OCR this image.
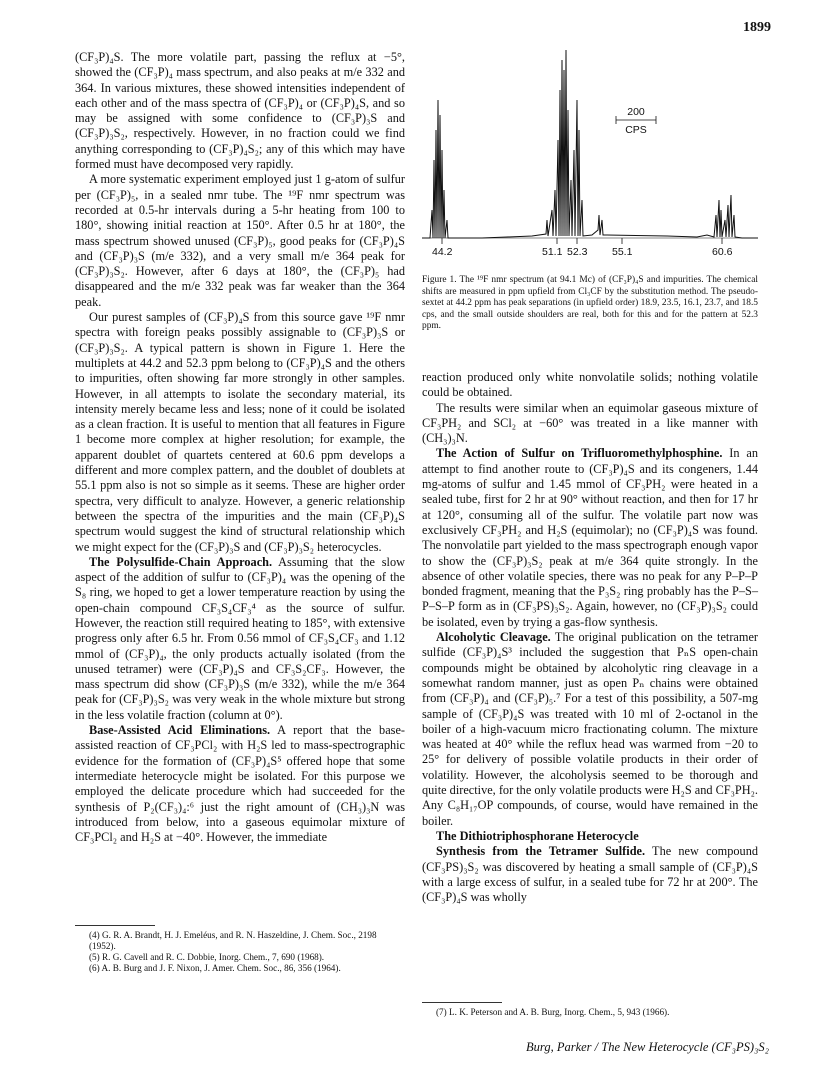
1899

(CF₃P)₄S. The more volatile part, passing the reflux at −5°, showed the (CF₃P)₄ mass spectrum, and also peaks at m/e 332 and 364. In various mixtures, these showed intensities independent of each other and of the mass spectra of (CF₃P)₄ or (CF₃P)₄S, and so may be assigned with some confidence to (CF₃P)₃S and (CF₃P)₃S₂, respectively. However, in no fraction could we find anything corresponding to (CF₃P)₄S₂; any of this which may have formed must have decomposed very rapidly.

A more systematic experiment employed just 1 g-atom of sulfur per (CF₃P)₅, in a sealed nmr tube. The ¹⁹F nmr spectrum was recorded at 0.5-hr intervals during a 5-hr heating from 100 to 180°, showing initial reaction at 150°. After 0.5 hr at 180°, the mass spectrum showed unused (CF₃P)₅, good peaks for (CF₃P)₄S and (CF₃P)₃S (m/e 332), and a very small m/e 364 peak for (CF₃P)₃S₂. However, after 6 days at 180°, the (CF₃P)₅ had disappeared and the m/e 332 peak was far weaker than the 364 peak.

Our purest samples of (CF₃P)₄S from this source gave ¹⁹F nmr spectra with foreign peaks possibly assignable to (CF₃P)₃S or (CF₃P)₃S₂. A typical pattern is shown in Figure 1. Here the multiplets at 44.2 and 52.3 ppm belong to (CF₃P)₄S and the others to impurities, often showing far more strongly in other samples. However, in all attempts to isolate the secondary material, its intensity merely became less and less; none of it could be isolated as a clean fraction. It is useful to mention that all features in Figure 1 become more complex at higher resolution; for example, the apparent doublet of quartets centered at 60.6 ppm develops a different and more complex pattern, and the doublet of doublets at 55.1 ppm also is not so simple as it seems. These are higher order spectra, very difficult to analyze. However, a generic relationship between the spectra of the impurities and the main (CF₃P)₄S spectrum would suggest the kind of structural relationship which we might expect for the (CF₃P)₃S and (CF₃P)₃S₂ heterocycles.

The Polysulfide-Chain Approach. Assuming that the slow aspect of the addition of sulfur to (CF₃P)₄ was the opening of the S₈ ring, we hoped to get a lower temperature reaction by using the open-chain compound CF₃S₄CF₃⁴ as the source of sulfur. However, the reaction still required heating to 185°, with extensive progress only after 6.5 hr. From 0.56 mmol of CF₃S₄CF₃ and 1.12 mmol of (CF₃P)₄, the only products actually isolated (from the unused tetramer) were (CF₃P)₄S and CF₃S₂CF₃. However, the mass spectrum did show (CF₃P)₃S (m/e 332), while the m/e 364 peak for (CF₃P)₃S₂ was very weak in the whole mixture but strong in the less volatile fraction (column at 0°).

Base-Assisted Acid Eliminations. A report that the base-assisted reaction of CF₃PCl₂ with H₂S led to mass-spectrographic evidence for the formation of (CF₃P)₄S⁵ offered hope that some intermediate heterocycle might be isolated. For this purpose we employed the delicate procedure which had succeeded for the synthesis of P₂(CF₃)₄:⁶ just the right amount of (CH₃)₃N was introduced from below, into a gaseous equimolar mixture of CF₃PCl₂ and H₂S at −40°. However, the immediate

(4) G. R. A. Brandt, H. J. Emeléus, and R. N. Haszeldine, J. Chem. Soc., 2198 (1952).
(5) R. G. Cavell and R. C. Dobbie, Inorg. Chem., 7, 690 (1968).
(6) A. B. Burg and J. F. Nixon, J. Amer. Chem. Soc., 86, 356 (1964).
200
CPS
44.2	51.1 52.3 55.1	60.6
Figure 1. The ¹⁹F nmr spectrum (at 94.1 Mc) of (CF₃P)₄S and impurities. The chemical shifts are measured in ppm upfield from Cl₃CF by the substitution method. The pseudo-sextet at 44.2 ppm has peak separations (in upfield order) 18.9, 23.5, 16.1, 23.7, and 18.5 cps, and the small outside shoulders are real, both for this and for the pattern at 52.3 ppm.

reaction produced only white nonvolatile solids; nothing volatile could be obtained.

The results were similar when an equimolar gaseous mixture of CF₃PH₂ and SCl₂ at −60° was treated in a like manner with (CH₃)₃N.

The Action of Sulfur on Trifluoromethylphosphine. In an attempt to find another route to (CF₃P)₄S and its congeners, 1.44 mg-atoms of sulfur and 1.45 mmol of CF₃PH₂ were heated in a sealed tube, first for 2 hr at 90° without reaction, and then for 17 hr at 120°, consuming all of the sulfur. The volatile part now was exclusively CF₃PH₂ and H₂S (equimolar); no (CF₃P)₄S was found. The nonvolatile part yielded to the mass spectrograph enough vapor to show the (CF₃P)₃S₂ peak at m/e 364 quite strongly. In the absence of other volatile species, there was no peak for any P–P–P bonded fragment, meaning that the P₃S₂ ring probably has the P–S–P–S–P form as in (CF₃PS)₃S₂. Again, however, no (CF₃P)₃S₂ could be isolated, even by trying a gas-flow synthesis.

Alcoholytic Cleavage. The original publication on the tetramer sulfide (CF₃P)₄S³ included the suggestion that PₙS open-chain compounds might be obtained by alcoholytic ring cleavage in a somewhat random manner, just as open Pₙ chains were obtained from (CF₃P)₄ and (CF₃P)₅.⁷ For a test of this possibility, a 507-mg sample of (CF₃P)₄S was treated with 10 ml of 2-octanol in the boiler of a high-vacuum micro fractionating column. The mixture was heated at 40° while the reflux head was warmed from −20 to 25° for delivery of possible volatile products in their order of volatility. However, the alcoholysis seemed to be thorough and quite directive, for the only volatile products were H₂S and CF₃PH₂. Any C₈H₁₇OP compounds, of course, would have remained in the boiler.

The Dithiotriphosphorane Heterocycle

Synthesis from the Tetramer Sulfide. The new compound (CF₃PS)₃S₂ was discovered by heating a small sample of (CF₃P)₄S with a large excess of sulfur, in a sealed tube for 72 hr at 200°. The (CF₃P)₄S was wholly

(7) L. K. Peterson and A. B. Burg, Inorg. Chem., 5, 943 (1966).
Burg, Parker / The New Heterocycle (CF₃PS)₃S₂
